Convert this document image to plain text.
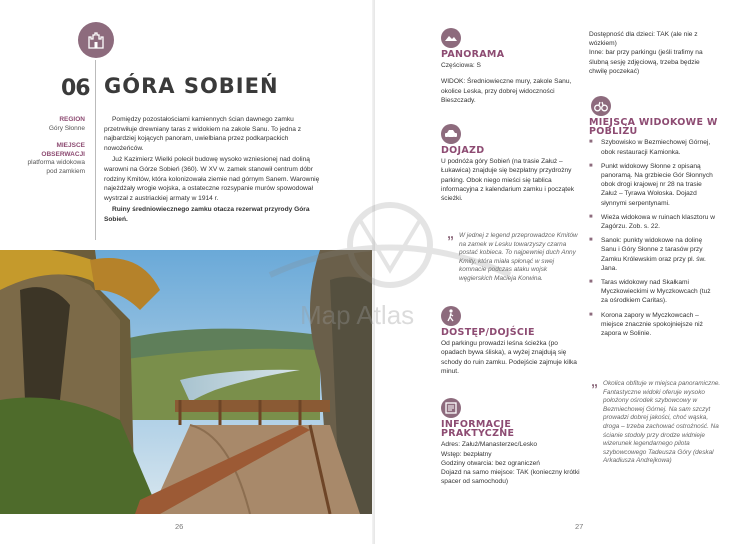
06 GÓRA SOBIEŃ
REGION
Góry Słonne
MIEJSCE OBSERWACJI
platforma widokowa pod zamkiem

Pomiędzy pozostałościami kamiennych ścian dawnego zamku przetrwiłuje drewniany taras z widokiem na zakole Sanu. To jedna z najbardziej kojących panoram, uwielbiana przez podkarpackich nowożeńców.

Już Kazimierz Wielki polecił budowę wysoko wzniesionej nad doliną warowni na Górze Sobień (360). W XV w. zamek stanowił centrum dóbr rodziny Kmitów, która kolonizowała ziemie nad górnym Sanem. Warownię najeżdżały wrogie wojska, a ostateczne rozsypanie murów spowodował wystrzał z austriackiej armaty w 1914 r.

Ruiny średniowiecznego zamku otacza rezerwat przyrody Góra Sobień.

26
PANORAMA
Częściowa: S
WIDOK: Średniowieczne mury, zakole Sanu, okolice Leska, przy dobrej widoczności Bieszczady.
DOJAZD
U podnóża góry Sobień (na trasie Załuż – Łukawica) znajduje się bezpłatny przydrożny parking. Obok niego mieści się tablica informacyjna z kalendarium zamku i początek ścieżki.
„ W jednej z legend przeprowadzce Kmitów na zamek w Lesku towarzyszy czarna postać kobieca. To najpewniej duch Anny Kmity, która miała spłonąć w swej komnacie podczas ataku wojsk węgierskich Macieja Korwina.
DOSTĘP/DOJŚCIE
Od parkingu prowadzi leśna ścieżka (po opadach bywa śliska), a wyżej znajdują się schody do ruin zamku. Podejście zajmuje kilka minut.
INFORMACJE PRAKTYCZNE
Adres: Załuż/Manasterzec/Lesko
Wstęp: bezpłatny
Godziny otwarcia: bez ograniczeń
Dojazd na samo miejsce: TAK (konieczny krótki spacer od samochodu)
Dostępność dla dzieci: TAK (ale nie z wózkiem)
Inne: bar przy parkingu (jeśli trafimy na ślubną sesję zdjęciową, trzeba będzie chwilę poczekać)
MIEJSCA WIDOKOWE W POBLIŻU
■ Szybowisko w Bezmiechowej Górnej, obok restauracji Kamionka.
■ Punkt widokowy Słonne z opisaną panoramą. Na grzbiecie Gór Słonnych obok drogi krajowej nr 28 na trasie Załuż – Tyrawa Wołoska. Dojazd słynnymi serpentynami.
■ Wieża widokowa w ruinach klasztoru w Zagórzu. Zob. s. 22.
■ Sanok: punkty widokowe na dolinę Sanu i Góry Słonne z tarasów przy Zamku Królewskim oraz przy pl. św. Jana.
■ Taras widokowy nad Skałkami Myczkowieckimi w Myczkowcach (tuż za ośrodkiem Caritas).
■ Korona zapory w Myczkowcach – miejsce znacznie spokojniejsze niż zapora w Solinie.
„ Okolica obfituje w miejsca panoramiczne. Fantastyczne widoki oferuje wysoko położony ośrodek szybowcowy w Bezmiechowej Górnej. Na sam szczyt prowadzi dobrej jakości, choć wąska, droga – trzeba zachować ostrożność. Na ścianie stodoły przy drodze widnieje wizerunek legendarnego pilota szybowcowego Tadeusza Góry (deskal Arkadiusza Andrejkowa)
27
Map Atlas
